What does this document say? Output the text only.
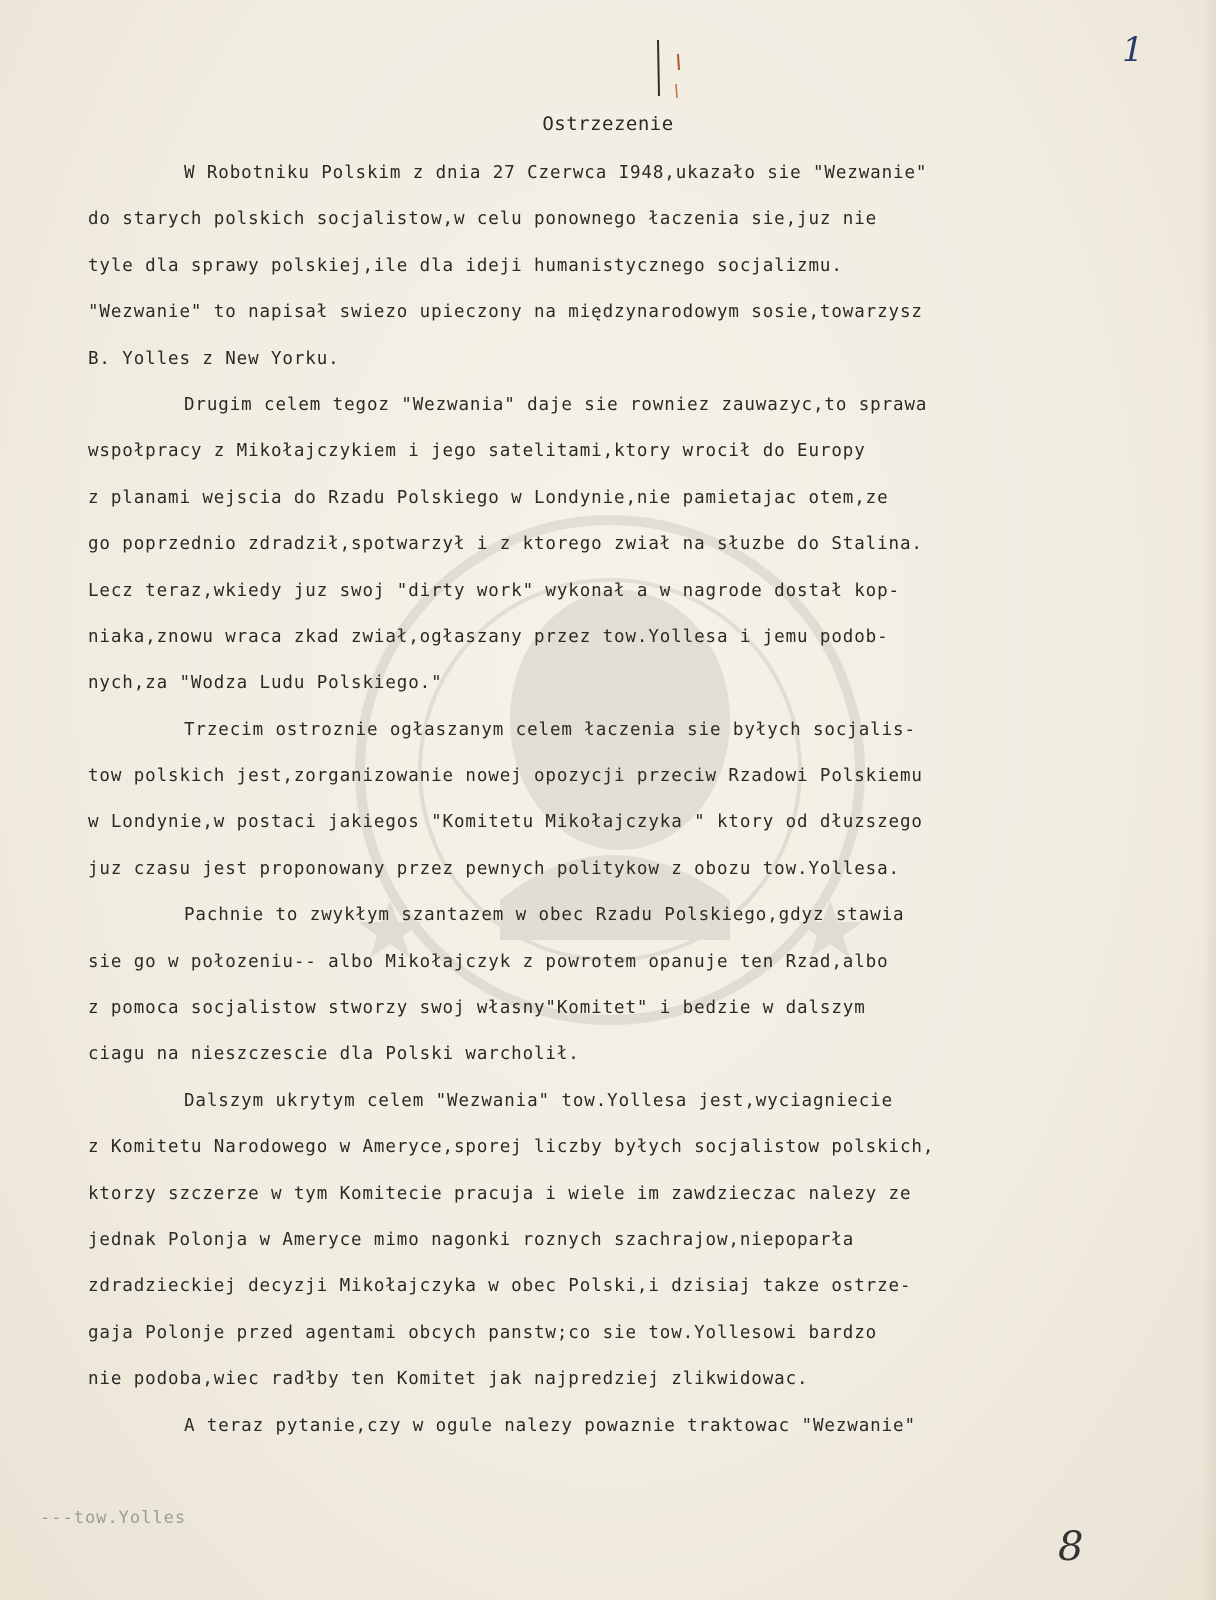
1
Ostrzezenie
W Robotniku Polskim z dnia 27 Czerwca I948,ukazało sie "Wezwanie"
do starych polskich socjalistow,w celu ponownego łaczenia sie,juz nie
tyle dla sprawy polskiej,ile dla ideji humanistycznego socjalizmu.
"Wezwanie" to napisał swiezo upieczony na międzynarodowym sosie,towarzysz
B. Yolles z New Yorku.
Drugim celem tegoz "Wezwania" daje sie rowniez zauwazyc,to sprawa
wspołpracy z Mikołajczykiem i jego satelitami,ktory wrocił do Europy
z planami wejscia do Rzadu Polskiego w Londynie,nie pamietajac otem,ze
go poprzednio zdradził,spotwarzył i z ktorego zwiał na słuzbe do Stalina.
Lecz teraz,wkiedy juz swoj "dirty work" wykonał a w nagrode dostał kop-
niaka,znowu wraca zkad zwiał,ogłaszany przez tow.Yollesa i jemu podob-
nych,za "Wodza Ludu Polskiego."
Trzecim ostroznie ogłaszanym celem łaczenia sie byłych socjalis-
tow polskich jest,zorganizowanie nowej opozycji przeciw Rzadowi Polskiemu
w Londynie,w postaci jakiegos "Komitetu Mikołajczyka " ktory od dłuzszego
juz czasu jest proponowany przez pewnych politykow z obozu tow.Yollesa.
Pachnie to zwykłym szantazem w obec Rzadu Polskiego,gdyz stawia
sie go w połozeniu-- albo Mikołajczyk z powrotem opanuje ten Rzad,albo
z pomoca socjalistow stworzy swoj własny"Komitet" i bedzie w dalszym
ciagu na nieszczescie dla Polski warcholił.
Dalszym ukrytym celem "Wezwania" tow.Yollesa jest,wyciagniecie
z Komitetu Narodowego w Ameryce,sporej liczby byłych socjalistow polskich,
ktorzy szczerze w tym Komitecie pracuja i wiele im zawdzieczac nalezy ze
jednak Polonja w Ameryce mimo nagonki roznych szachrajow,niepoparła
zdradzieckiej decyzji Mikołajczyka w obec Polski,i dzisiaj takze ostrze-
gaja Polonje przed agentami obcych panstw;co sie tow.Yollesowi bardzo
nie podoba,wiec radłby ten Komitet jak najpredziej zlikwidowac.
A teraz pytanie,czy w ogule nalezy powaznie traktowac "Wezwanie"
---tow.Yolles
8
